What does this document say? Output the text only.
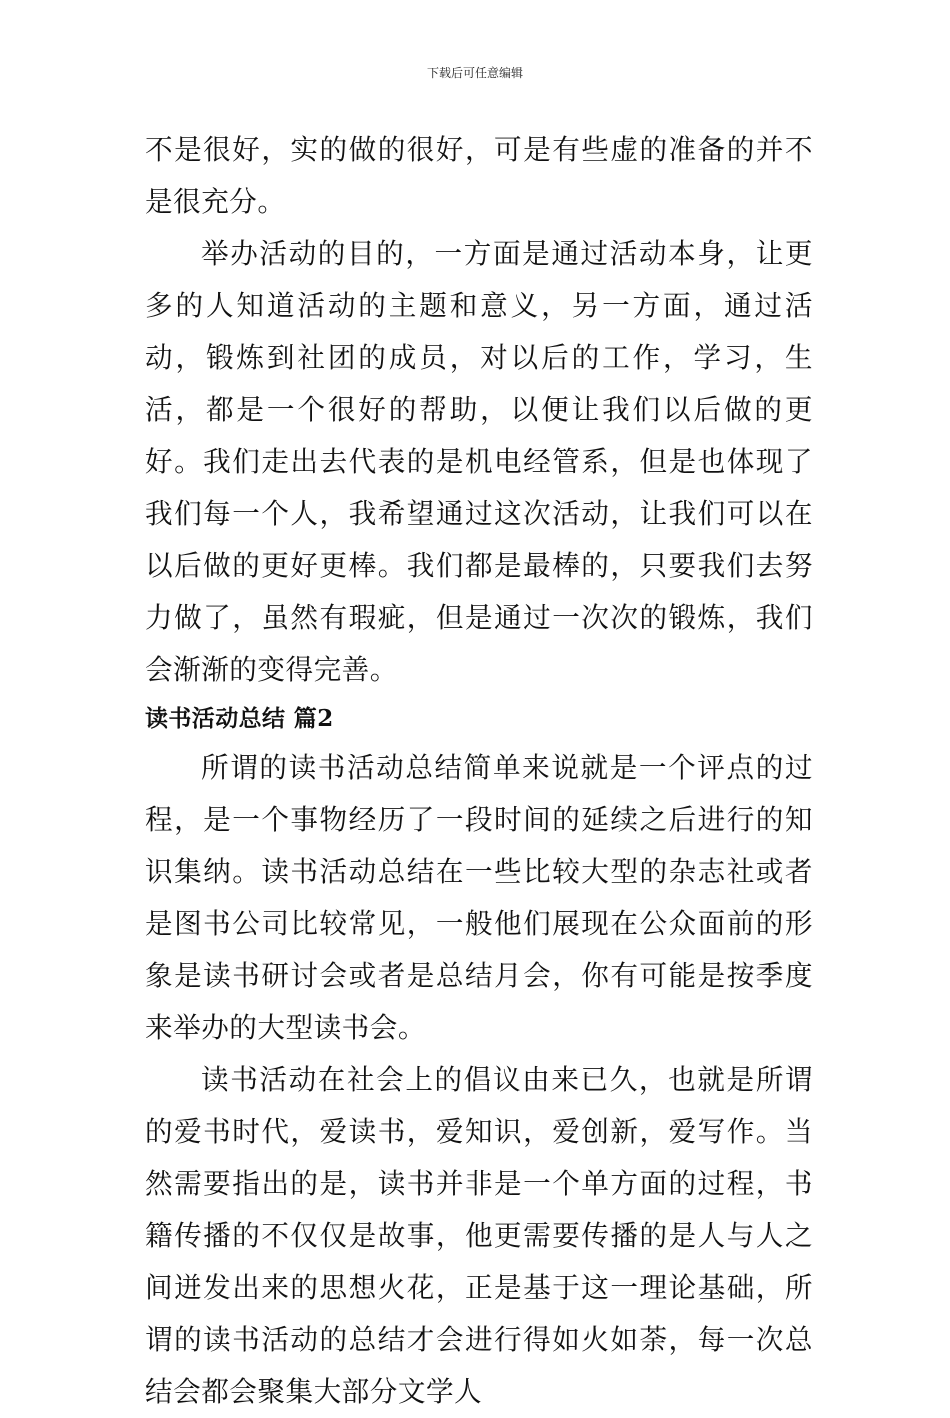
下载后可任意编辑

不是很好，实的做的很好，可是有些虚的准备的并不是很充分。

举办活动的目的，一方面是通过活动本身，让更多的人知道活动的主题和意义，另一方面，通过活动，锻炼到社团的成员，对以后的工作，学习，生活，都是一个很好的帮助，以便让我们以后做的更好。我们走出去代表的是机电经管系，但是也体现了我们每一个人，我希望通过这次活动，让我们可以在以后做的更好更棒。我们都是最棒的，只要我们去努力做了，虽然有瑕疵，但是通过一次次的锻炼，我们会渐渐的变得完善。

读书活动总结 篇2

所谓的读书活动总结简单来说就是一个评点的过程，是一个事物经历了一段时间的延续之后进行的知识集纳。读书活动总结在一些比较大型的杂志社或者是图书公司比较常见，一般他们展现在公众面前的形象是读书研讨会或者是总结月会，你有可能是按季度来举办的大型读书会。

读书活动在社会上的倡议由来已久，也就是所谓的爱书时代，爱读书，爱知识，爱创新，爱写作。当然需要指出的是，读书并非是一个单方面的过程，书籍传播的不仅仅是故事，他更需要传播的是人与人之间迸发出来的思想火花，正是基于这一理论基础，所谓的读书活动的总结才会进行得如火如荼，每一次总结会都会聚集大部分文学人
